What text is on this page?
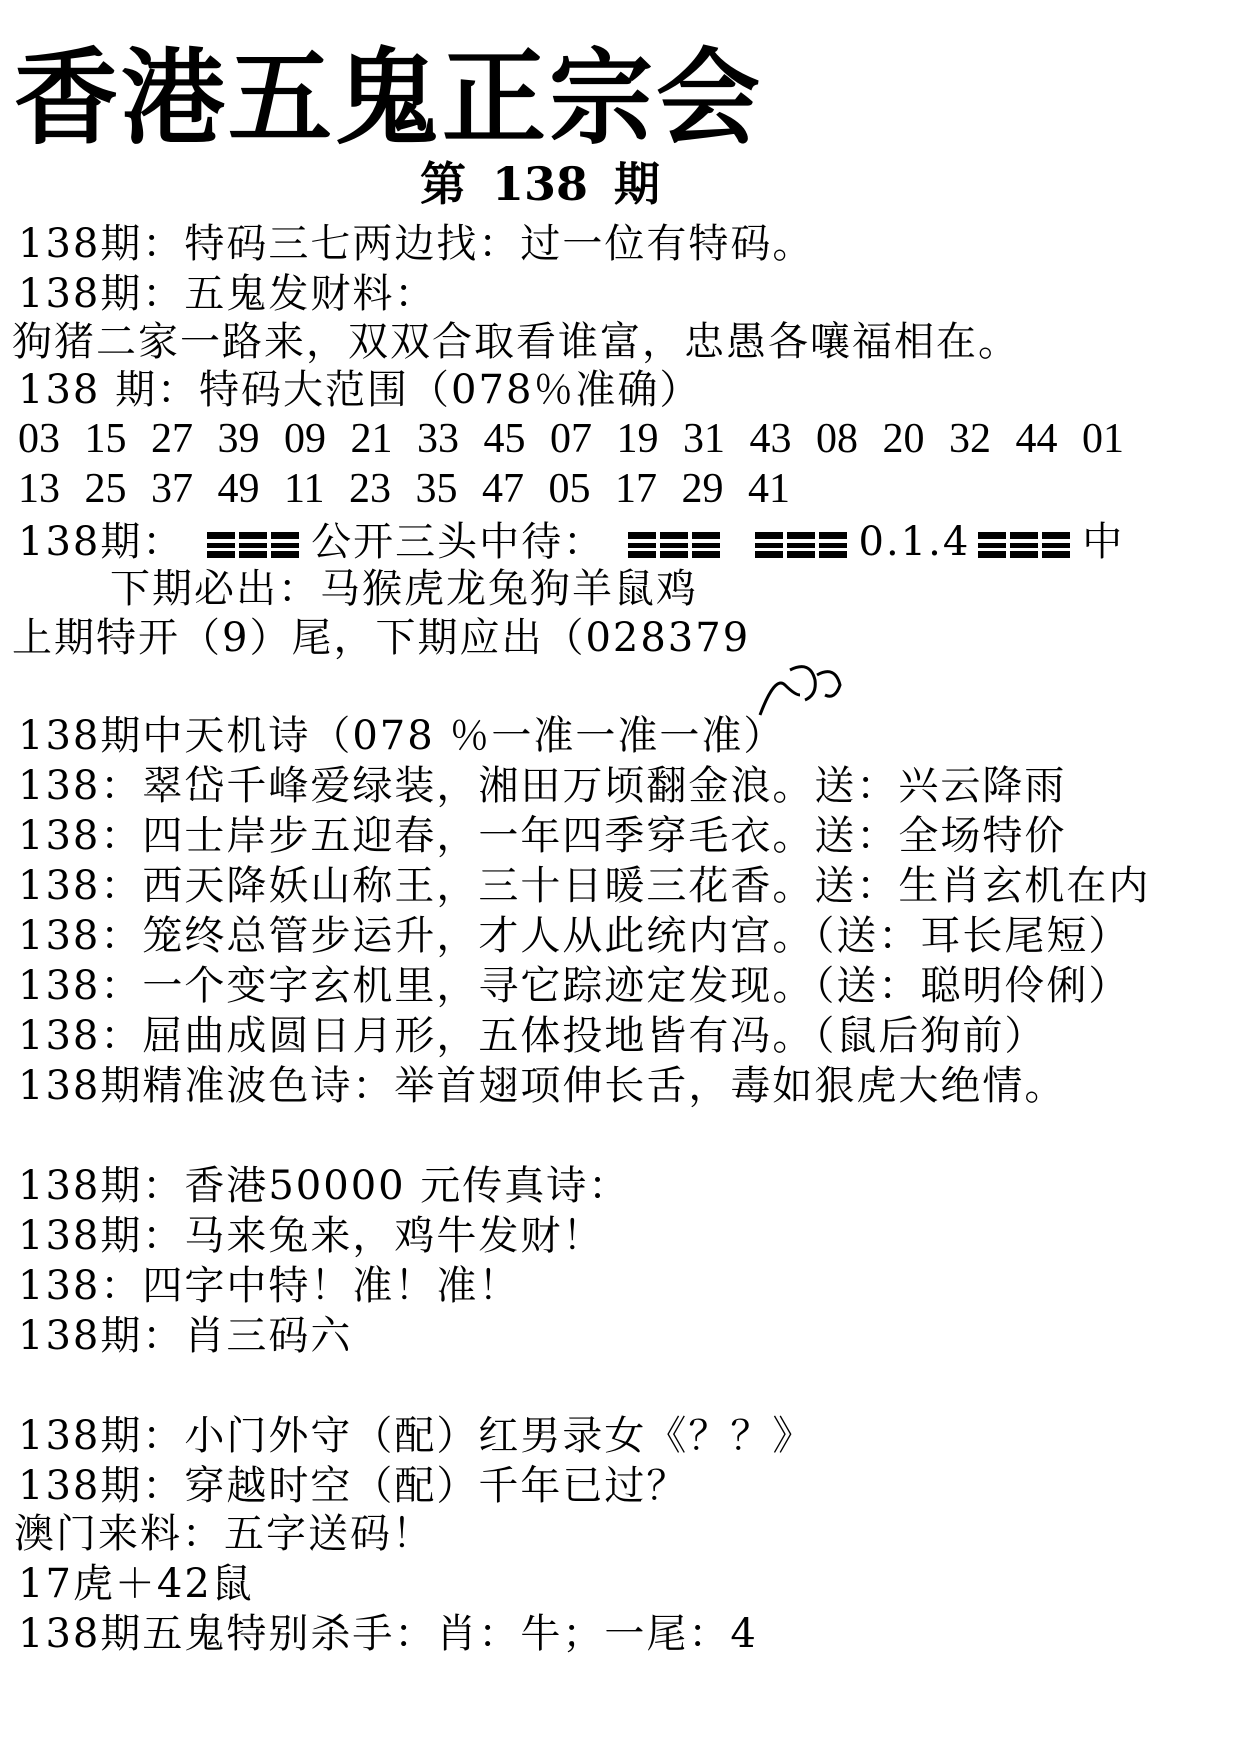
香港五鬼正宗会
第 138 期
138期：特码三七两边找：过一位有特码。
138期：五鬼发财料：
狗猪二家一路来，双双合取看谁富，忠愚各嚷福相在。
138 期：特码大范围（078％准确）
03 15 27 39 09 21 33 45 07 19 31 43 08 20 32 44 01
13 25 37 49 11 23 35 47 05 17 29 41
138期：	公开三头中待：	0.1.4	中
下期必出：马猴虎龙兔狗羊鼠鸡
上期特开（9）尾，下期应出（028379
138期中天机诗（078 ％一准一准一准）
138：翠岱千峰爱绿装，湘田万顷翻金浪。送：兴云降雨
138：四士岸步五迎春，一年四季穿毛衣。送：全场特价
138：西天降妖山称王，三十日暖三花香。送：生肖玄机在内
138：笼终总管步运升，才人从此统内宫。（送：耳长尾短）
138：一个变字玄机里，寻它踪迹定发现。（送：聪明伶俐）
138：屈曲成圆日月形，五体投地皆有冯。（鼠后狗前）
138期精准波色诗：举首翅项伸长舌，毒如狠虎大绝情。
138期：香港50000 元传真诗：
138期：马来兔来，鸡牛发财！
138：四字中特！准！准！
138期：肖三码六
138期：小门外守（配）红男录女《？？》
138期：穿越时空（配）千年已过？
澳门来料：五字送码！
17虎＋42鼠
138期五鬼特别杀手：肖：牛；一尾：4
